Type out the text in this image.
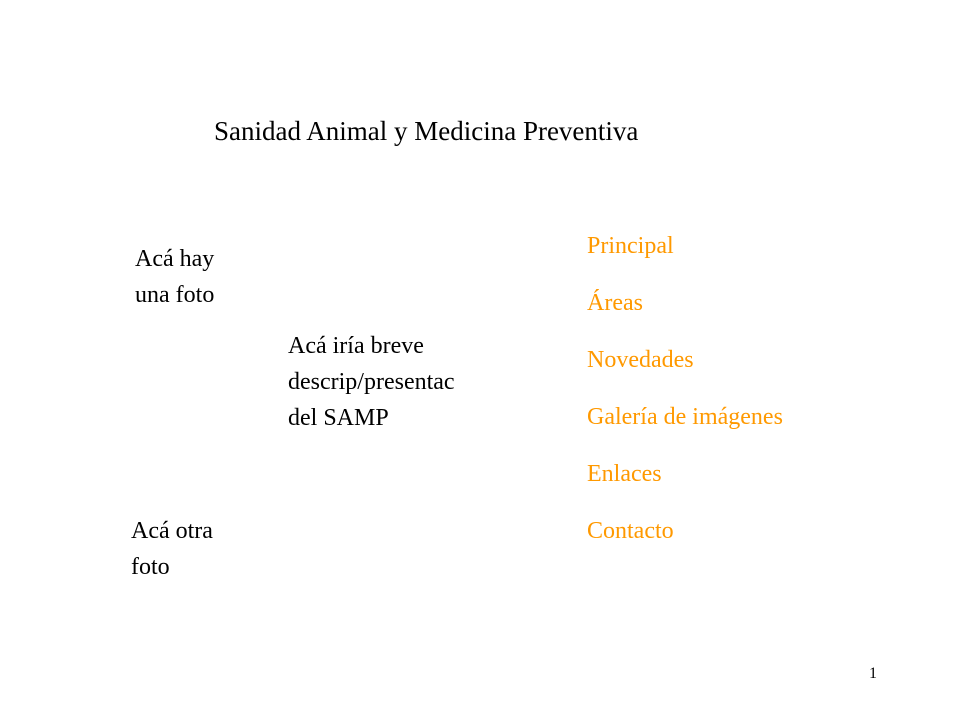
Sanidad Animal y Medicina Preventiva
Acá hay
una foto
Acá iría breve
descrip/presentac
del SAMP
Acá otra
foto
Principal
Áreas
Novedades
Galería de imágenes
Enlaces
Contacto
1
